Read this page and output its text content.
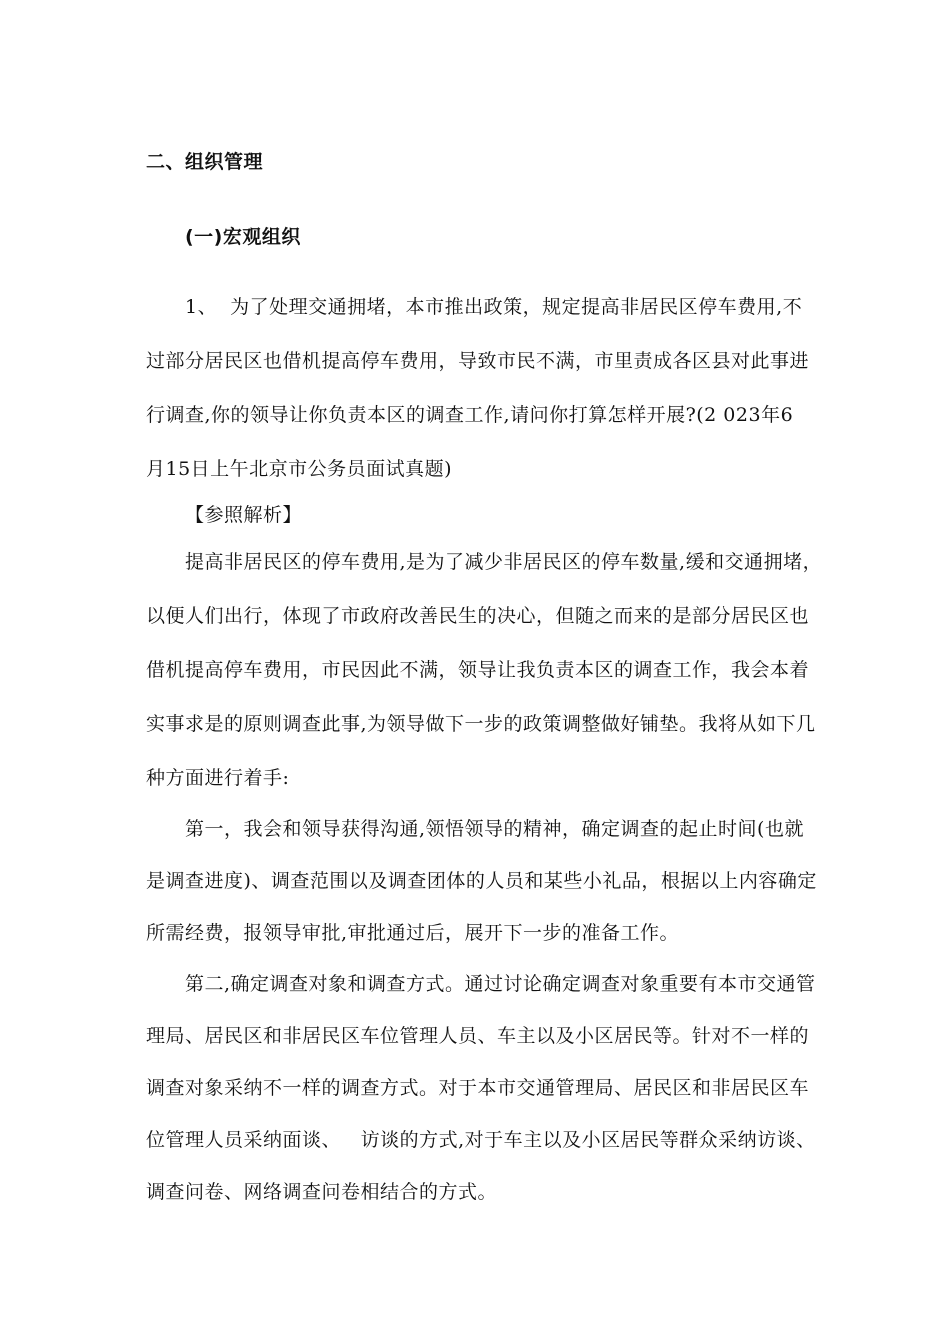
二、组织管理
(一)宏观组织
1、  为了处理交通拥堵，本市推出政策，规定提高非居民区停车费用,不
过部分居民区也借机提高停车费用，导致市民不满，市里责成各区县对此事进
行调查,你的领导让你负责本区的调查工作,请问你打算怎样开展?(2 023年6
月15日上午北京市公务员面试真题)
【参照解析】
提高非居民区的停车费用,是为了减少非居民区的停车数量,缓和交通拥堵，
以便人们出行，体现了市政府改善民生的决心，但随之而来的是部分居民区也
借机提高停车费用，市民因此不满，领导让我负责本区的调查工作，我会本着
实事求是的原则调查此事,为领导做下一步的政策调整做好铺垫。我将从如下几
种方面进行着手:
第一，我会和领导获得沟通,领悟领导的精神，确定调查的起止时间(也就
是调查进度)、调查范围以及调查团体的人员和某些小礼品，根据以上内容确定
所需经费，报领导审批,审批通过后，展开下一步的准备工作。
第二,确定调查对象和调查方式。通过讨论确定调查对象重要有本市交通管
理局、居民区和非居民区车位管理人员、车主以及小区居民等。针对不一样的
调查对象采纳不一样的调查方式。对于本市交通管理局、居民区和非居民区车
位管理人员采纳面谈、   访谈的方式,对于车主以及小区居民等群众采纳访谈、
调查问卷、网络调查问卷相结合的方式。
